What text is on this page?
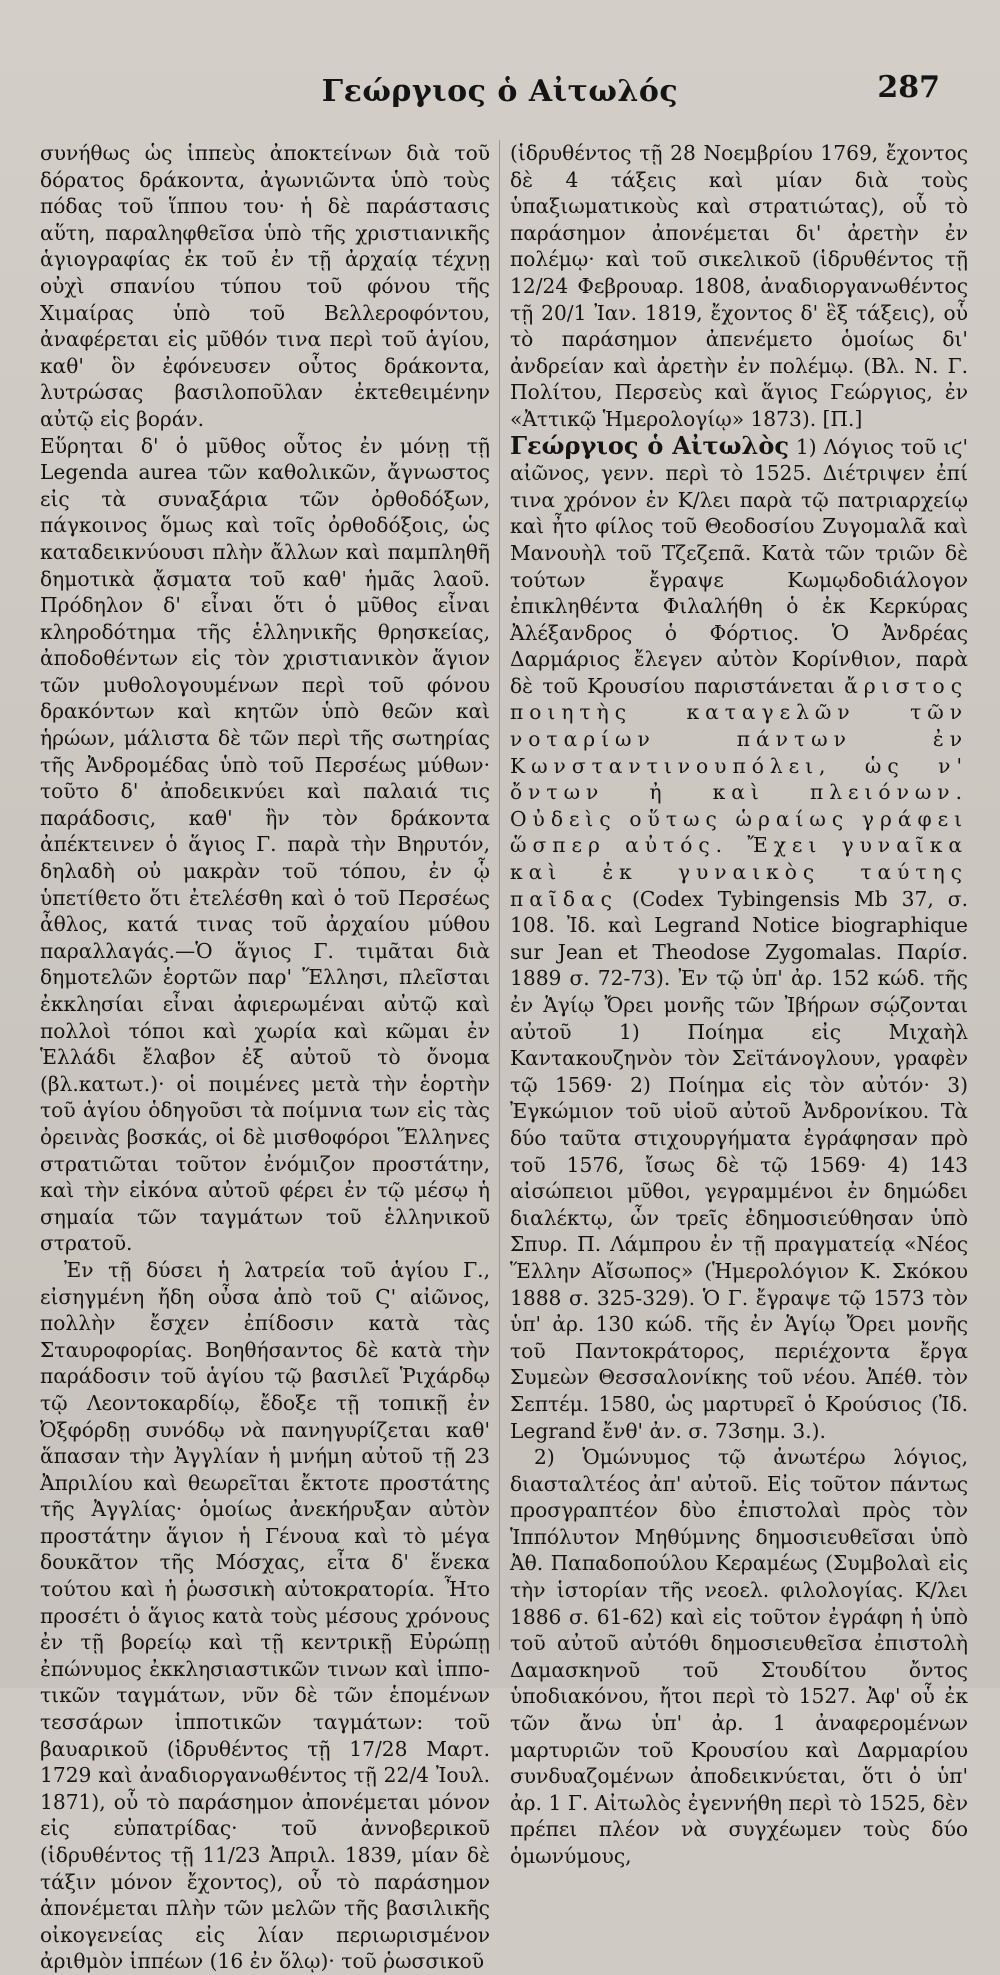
Γεώργιος ὁ Αἰτωλός	287

συνήθως ὡς ἱππεὺς ἀποκτείνων διὰ τοῦ δόρατος δράκοντα, ἀγωνιῶντα ὑπὸ τοὺς πόδας τοῦ ἵππου του· ἡ δὲ παράστασις αὕτη, παραληφθεῖσα ὑπὸ τῆς χριστιανικῆς ἁγιογραφίας ἐκ τοῦ ἐν τῇ ἀρχαίᾳ τέχνῃ οὐχὶ σπανίου τύπου τοῦ φόνου τῆς Χιμαίρας ὑπὸ τοῦ Βελλεροφόντου, ἀναφέρεται εἰς μῦθόν τινα περὶ τοῦ ἁγίου, καθ' ὃν ἐφόνευσεν οὗτος δράκοντα, λυτρώσας βασιλοποῦλαν ἐκτεθειμένην αὐτῷ εἰς βοράν.

Εὕρηται δ' ὁ μῦθος οὗτος ἐν μόνῃ τῇ Legenda aurea τῶν καθολικῶν, ἄγνωστος εἰς τὰ συναξάρια τῶν ὀρθοδόξων, πάγκοινος ὅμως καὶ τοῖς ὀρθοδόξοις, ὡς καταδεικνύουσι πλὴν ἄλλων καὶ παμπληθῆ δημοτικὰ ᾄσματα τοῦ καθ' ἡμᾶς λαοῦ. Πρόδηλον δ' εἶναι ὅτι ὁ μῦθος εἶναι κληροδότημα τῆς ἑλληνικῆς θρησκείας, ἀποδοθέντων εἰς τὸν χριστιανικὸν ἅγιον τῶν μυθολογουμένων περὶ τοῦ φόνου δρακόντων καὶ κητῶν ὑπὸ θεῶν καὶ ἡρώων, μάλιστα δὲ τῶν περὶ τῆς σωτηρίας τῆς Ἀνδρομέδας ὑπὸ τοῦ Περσέως μύθων· τοῦτο δ' ἀποδεικνύει καὶ παλαιά τις παράδοσις, καθ' ἣν τὸν δράκοντα ἀπέκτεινεν ὁ ἅγιος Γ. παρὰ τὴν Βηρυτόν, δηλαδὴ οὐ μακρὰν τοῦ τόπου, ἐν ᾧ ὑπετίθετο ὅτι ἐτελέσθη καὶ ὁ τοῦ Περσέως ἆθλος, κατά τινας τοῦ ἀρχαίου μύθου παραλλαγάς.—Ὁ ἅγιος Γ. τιμᾶται διὰ δημοτελῶν ἑορτῶν παρ' Ἕλλησι, πλεῖσται ἐκκλησίαι εἶναι ἀφιερωμέναι αὐτῷ καὶ πολλοὶ τόποι καὶ χωρία καὶ κῶμαι ἐν Ἑλλάδι ἔλαβον ἐξ αὐτοῦ τὸ ὄνομα (βλ.κατωτ.)· οἱ ποιμένες μετὰ τὴν ἑορτὴν τοῦ ἁγίου ὁδηγοῦσι τὰ ποίμνια των εἰς τὰς ὀρεινὰς βοσκάς, οἱ δὲ μισθοφόροι Ἕλληνες στρατιῶται τοῦτον ἐνόμιζον προστάτην, καὶ τὴν εἰκόνα αὐτοῦ φέρει ἐν τῷ μέσῳ ἡ σημαία τῶν ταγμάτων τοῦ ἑλληνικοῦ στρατοῦ.

Ἐν τῇ δύσει ἡ λατρεία τοῦ ἁγίου Γ., εἰσηγμένη ἤδη οὖσα ἀπὸ τοῦ Ϛ' αἰῶνος, πολλὴν ἔσχεν ἐπίδοσιν κατὰ τὰς Σταυροφορίας. Βοηθήσαντος δὲ κατὰ τὴν παράδοσιν τοῦ ἁγίου τῷ βασιλεῖ Ῥιχάρδῳ τῷ Λεοντοκαρδίῳ, ἔδοξε τῇ τοπικῇ ἐν Ὀξφόρδῃ συνόδῳ νὰ πανηγυρίζεται καθ' ἅπασαν τὴν Ἀγγλίαν ἡ μνήμη αὐτοῦ τῇ 23 Ἀπριλίου καὶ θεωρεῖται ἔκτοτε προστάτης τῆς Ἀγγλίας· ὁμοίως ἀνεκήρυξαν αὐτὸν προστάτην ἅγιον ἡ Γένουα καὶ τὸ μέγα δουκᾶτον τῆς Μόσχας, εἶτα δ' ἕνεκα τούτου καὶ ἡ ῥωσσικὴ αὐτοκρατορία. Ἦτο προσέτι ὁ ἅγιος κατὰ τοὺς μέσους χρόνους ἐν τῇ βορείῳ καὶ τῇ κεντρικῇ Εὐρώπῃ ἐπώνυμος ἐκκλησιαστικῶν τινων καὶ ἱπποτικῶν ταγμάτων, νῦν δὲ τῶν ἑπομένων τεσσάρων ἱπποτικῶν ταγμάτων: τοῦ βαυαρικοῦ (ἱδρυθέντος τῇ 17/28 Μαρτ. 1729 καὶ ἀναδιοργανωθέντος τῇ 22/4 Ἰουλ. 1871), οὗ τὸ παράσημον ἀπονέμεται μόνον εἰς εὐπατρίδας· τοῦ ἀννοβερικοῦ (ἱδρυθέντος τῇ 11/23 Ἀπριλ. 1839, μίαν δὲ τάξιν μόνον ἔχοντος), οὗ τὸ παράσημον ἀπονέμεται πλὴν τῶν μελῶν τῆς βασιλικῆς οἰκογενείας εἰς λίαν περιωρισμένον ἀριθμὸν ἱππέων (16 ἐν ὅλῳ)· τοῦ ῥωσσικοῦ

(ἱδρυθέντος τῇ 28 Νοεμβρίου 1769, ἔχοντος δὲ 4 τάξεις καὶ μίαν διὰ τοὺς ὑπαξιωματικοὺς καὶ στρατιώτας), οὗ τὸ παράσημον ἀπονέμεται δι' ἀρετὴν ἐν πολέμῳ· καὶ τοῦ σικελικοῦ (ἱδρυθέντος τῇ 12/24 Φεβρουαρ. 1808, ἀναδιοργανωθέντος τῇ 20/1 Ἰαν. 1819, ἔχοντος δ' ἓξ τάξεις), οὗ τὸ παράσημον ἀπενέμετο ὁμοίως δι' ἀνδρείαν καὶ ἀρετὴν ἐν πολέμῳ. (Βλ. Ν. Γ. Πολίτου, Περσεὺς καὶ ἅγιος Γεώργιος, ἐν «Ἀττικῷ Ἡμερολογίῳ» 1873). [Π.]

Γεώργιος ὁ Αἰτωλὸς 1) Λόγιος τοῦ ιϛ' αἰῶνος, γενν. περὶ τὸ 1525. Διέτριψεν ἐπί τινα χρόνον ἐν Κ/λει παρὰ τῷ πατριαρχείῳ καὶ ἦτο φίλος τοῦ Θεοδοσίου Ζυγομαλᾶ καὶ Μανουὴλ τοῦ Τζεζεπᾶ. Κατὰ τῶν τριῶν δὲ τούτων ἔγραψε Κωμῳδοδιάλογον ἐπικληθέντα Φιλαλήθη ὁ ἐκ Κερκύρας Ἀλέξανδρος ὁ Φόρτιος. Ὁ Ἀνδρέας Δαρμάριος ἔλεγεν αὐτὸν Κορίνθιον, παρὰ δὲ τοῦ Κρουσίου παριστάνεται ἄριστος ποιητὴς καταγελῶν τῶν νοταρίων πάντων ἐν Κωνσταντινουπόλει, ὡς ν' ὄντων ἠ καὶ πλειόνων. Οὐδεὶς οὕτως ὡραίως γράφει ὥσπερ αὐτός. Ἔχει γυναῖκα καὶ ἐκ γυναικὸς ταύτης παῖδας (Codex Tybingensis Mb 37, σ. 108. Ἰδ. καὶ Legrand Notice biographique sur Jean et Theodose Zygomalas. Παρίσ. 1889 σ. 72-73). Ἐν τῷ ὑπ' ἀρ. 152 κώδ. τῆς ἐν Ἁγίῳ Ὄρει μονῆς τῶν Ἰβήρων σῴζονται αὐτοῦ 1) Ποίημα εἰς Μιχαὴλ Καντακουζηνὸν τὸν Σεϊτάνογλουν, γραφὲν τῷ 1569· 2) Ποίημα εἰς τὸν αὐτόν· 3) Ἐγκώμιον τοῦ υἱοῦ αὐτοῦ Ἀνδρονίκου. Τὰ δύο ταῦτα στιχουργήματα ἐγράφησαν πρὸ τοῦ 1576, ἴσως δὲ τῷ 1569· 4) 143 αἰσώπειοι μῦθοι, γεγραμμένοι ἐν δημώδει διαλέκτῳ, ὧν τρεῖς ἐδημοσιεύθησαν ὑπὸ Σπυρ. Π. Λάμπρου ἐν τῇ πραγματείᾳ «Νέος Ἕλλην Αἴσωπος» (Ἡμερολόγιον Κ. Σκόκου 1888 σ. 325-329). Ὁ Γ. ἔγραψε τῷ 1573 τὸν ὑπ' ἀρ. 130 κώδ. τῆς ἐν Ἁγίῳ Ὄρει μονῆς τοῦ Παντοκράτορος, περιέχοντα ἔργα Συμεὼν Θεσσαλονίκης τοῦ νέου. Ἀπέθ. τὸν Σεπτέμ. 1580, ὡς μαρτυρεῖ ὁ Κρούσιος (Ἰδ. Legrand ἔνθ' ἀν. σ. 73σημ. 3.).

2) Ὁμώνυμος τῷ ἀνωτέρω λόγιος, διασταλτέος ἀπ' αὐτοῦ. Εἰς τοῦτον πάντως προσγραπτέον δὺο ἐπιστολαὶ πρὸς τὸν Ἱππόλυτον Μηθύμνης δημοσιευθεῖσαι ὑπὸ Ἀθ. Παπαδοπούλου Κεραμέως (Συμβολαὶ εἰς τὴν ἱστορίαν τῆς νεοελ. φιλολογίας. Κ/λει 1886 σ. 61-62) καὶ εἰς τοῦτον ἐγράφη ἡ ὑπὸ τοῦ αὐτοῦ αὐτόθι δημοσιευθεῖσα ἐπιστολὴ Δαμασκηνοῦ τοῦ Στουδίτου ὄντος ὑποδιακόνου, ἤτοι περὶ τὸ 1527. Ἀφ' οὗ ἐκ τῶν ἄνω ὑπ' ἀρ. 1 ἀναφερομένων μαρτυριῶν τοῦ Κρουσίου καὶ Δαρμαρίου συνδυαζομένων ἀποδεικνύεται, ὅτι ὁ ὑπ' ἀρ. 1 Γ. Αἰτωλὸς ἐγεννήθη περὶ τὸ 1525, δὲν πρέπει πλέον νὰ συγχέωμεν τοὺς δύο ὁμωνύμους,
